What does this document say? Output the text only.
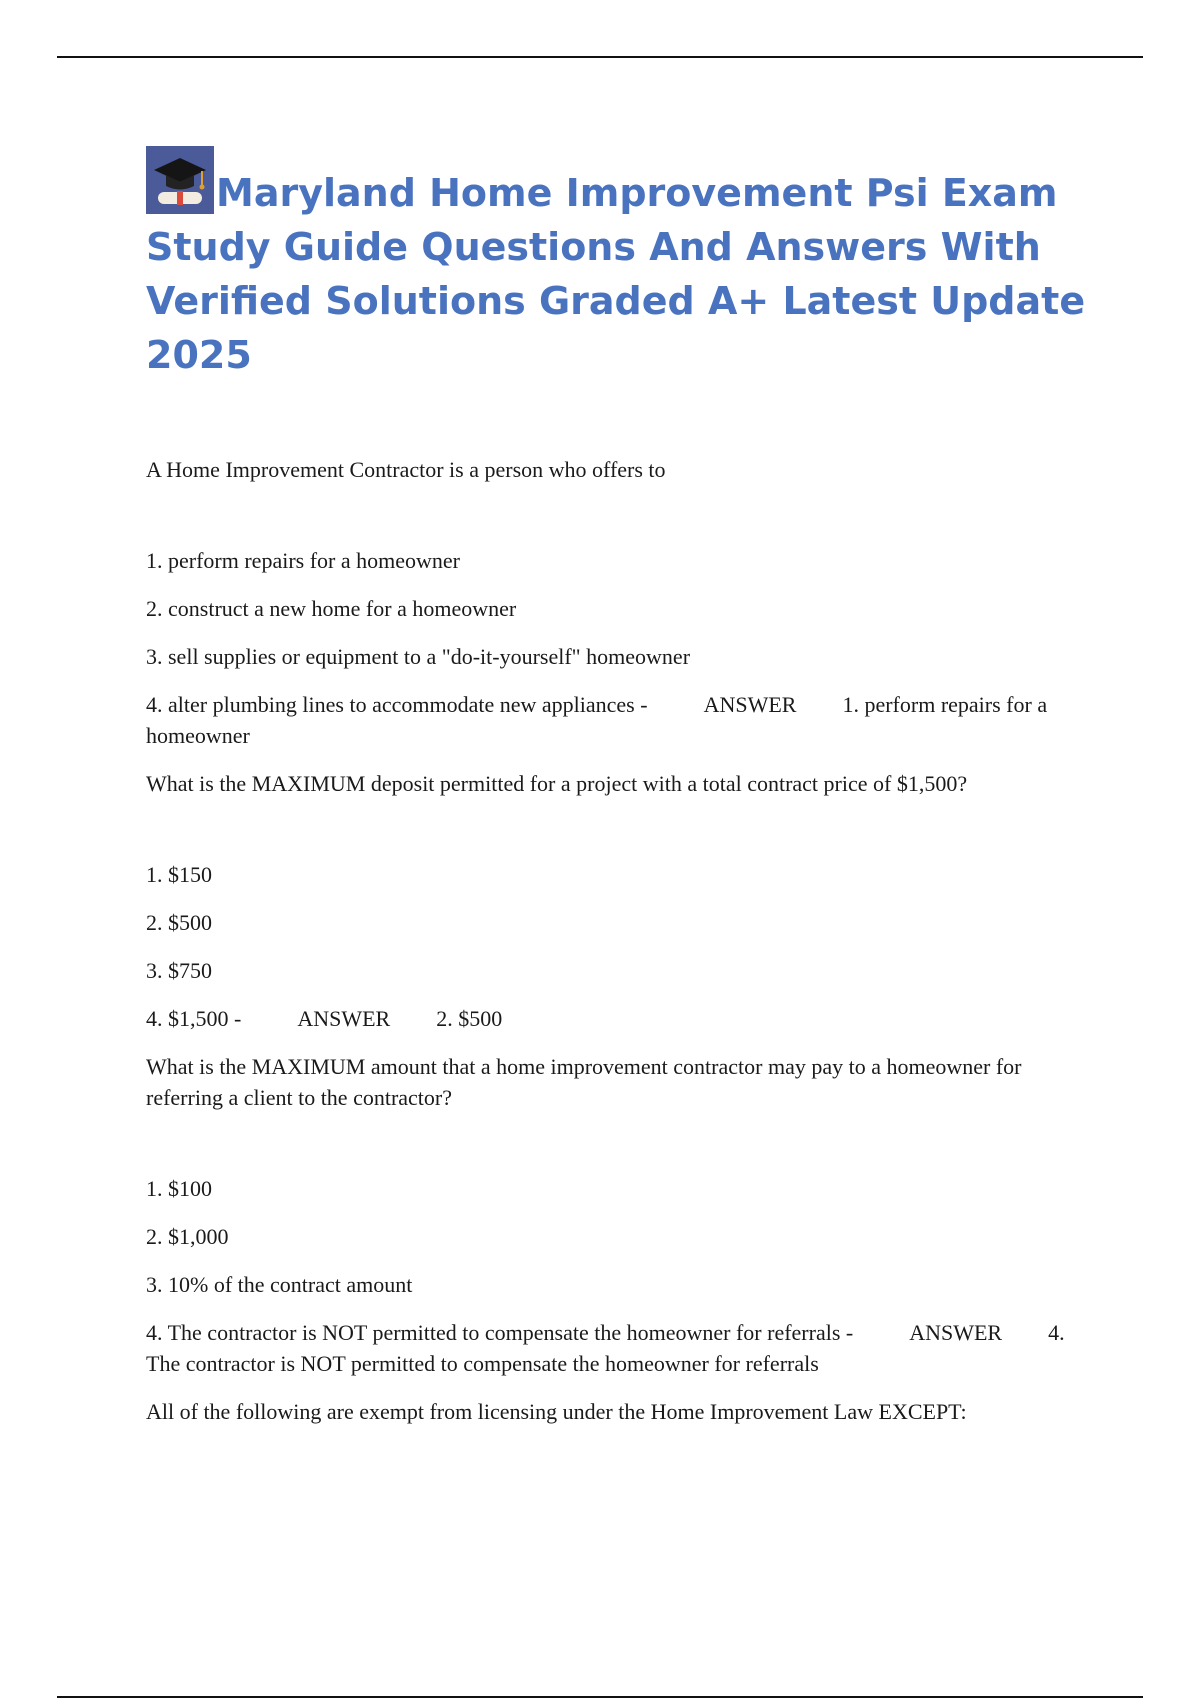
Maryland Home Improvement Psi Exam Study Guide Questions And Answers With Verified Solutions Graded A+ Latest Update 2025

A Home Improvement Contractor is a person who offers to

1. perform repairs for a homeowner

2. construct a new home for a homeowner

3. sell supplies or equipment to a "do-it-yourself" homeowner

4. alter plumbing lines to accommodate new appliances -	ANSWER 1. perform repairs for a homeowner

What is the MAXIMUM deposit permitted for a project with a total contract price of $1,500?

1. $150

2. $500

3. $750

4. $1,500 -	ANSWER 2. $500

What is the MAXIMUM amount that a home improvement contractor may pay to a homeowner for referring a client to the contractor?

1. $100

2. $1,000

3. 10% of the contract amount

4. The contractor is NOT permitted to compensate the homeowner for referrals -	ANSWER 4. The contractor is NOT permitted to compensate the homeowner for referrals

All of the following are exempt from licensing under the Home Improvement Law EXCEPT:
